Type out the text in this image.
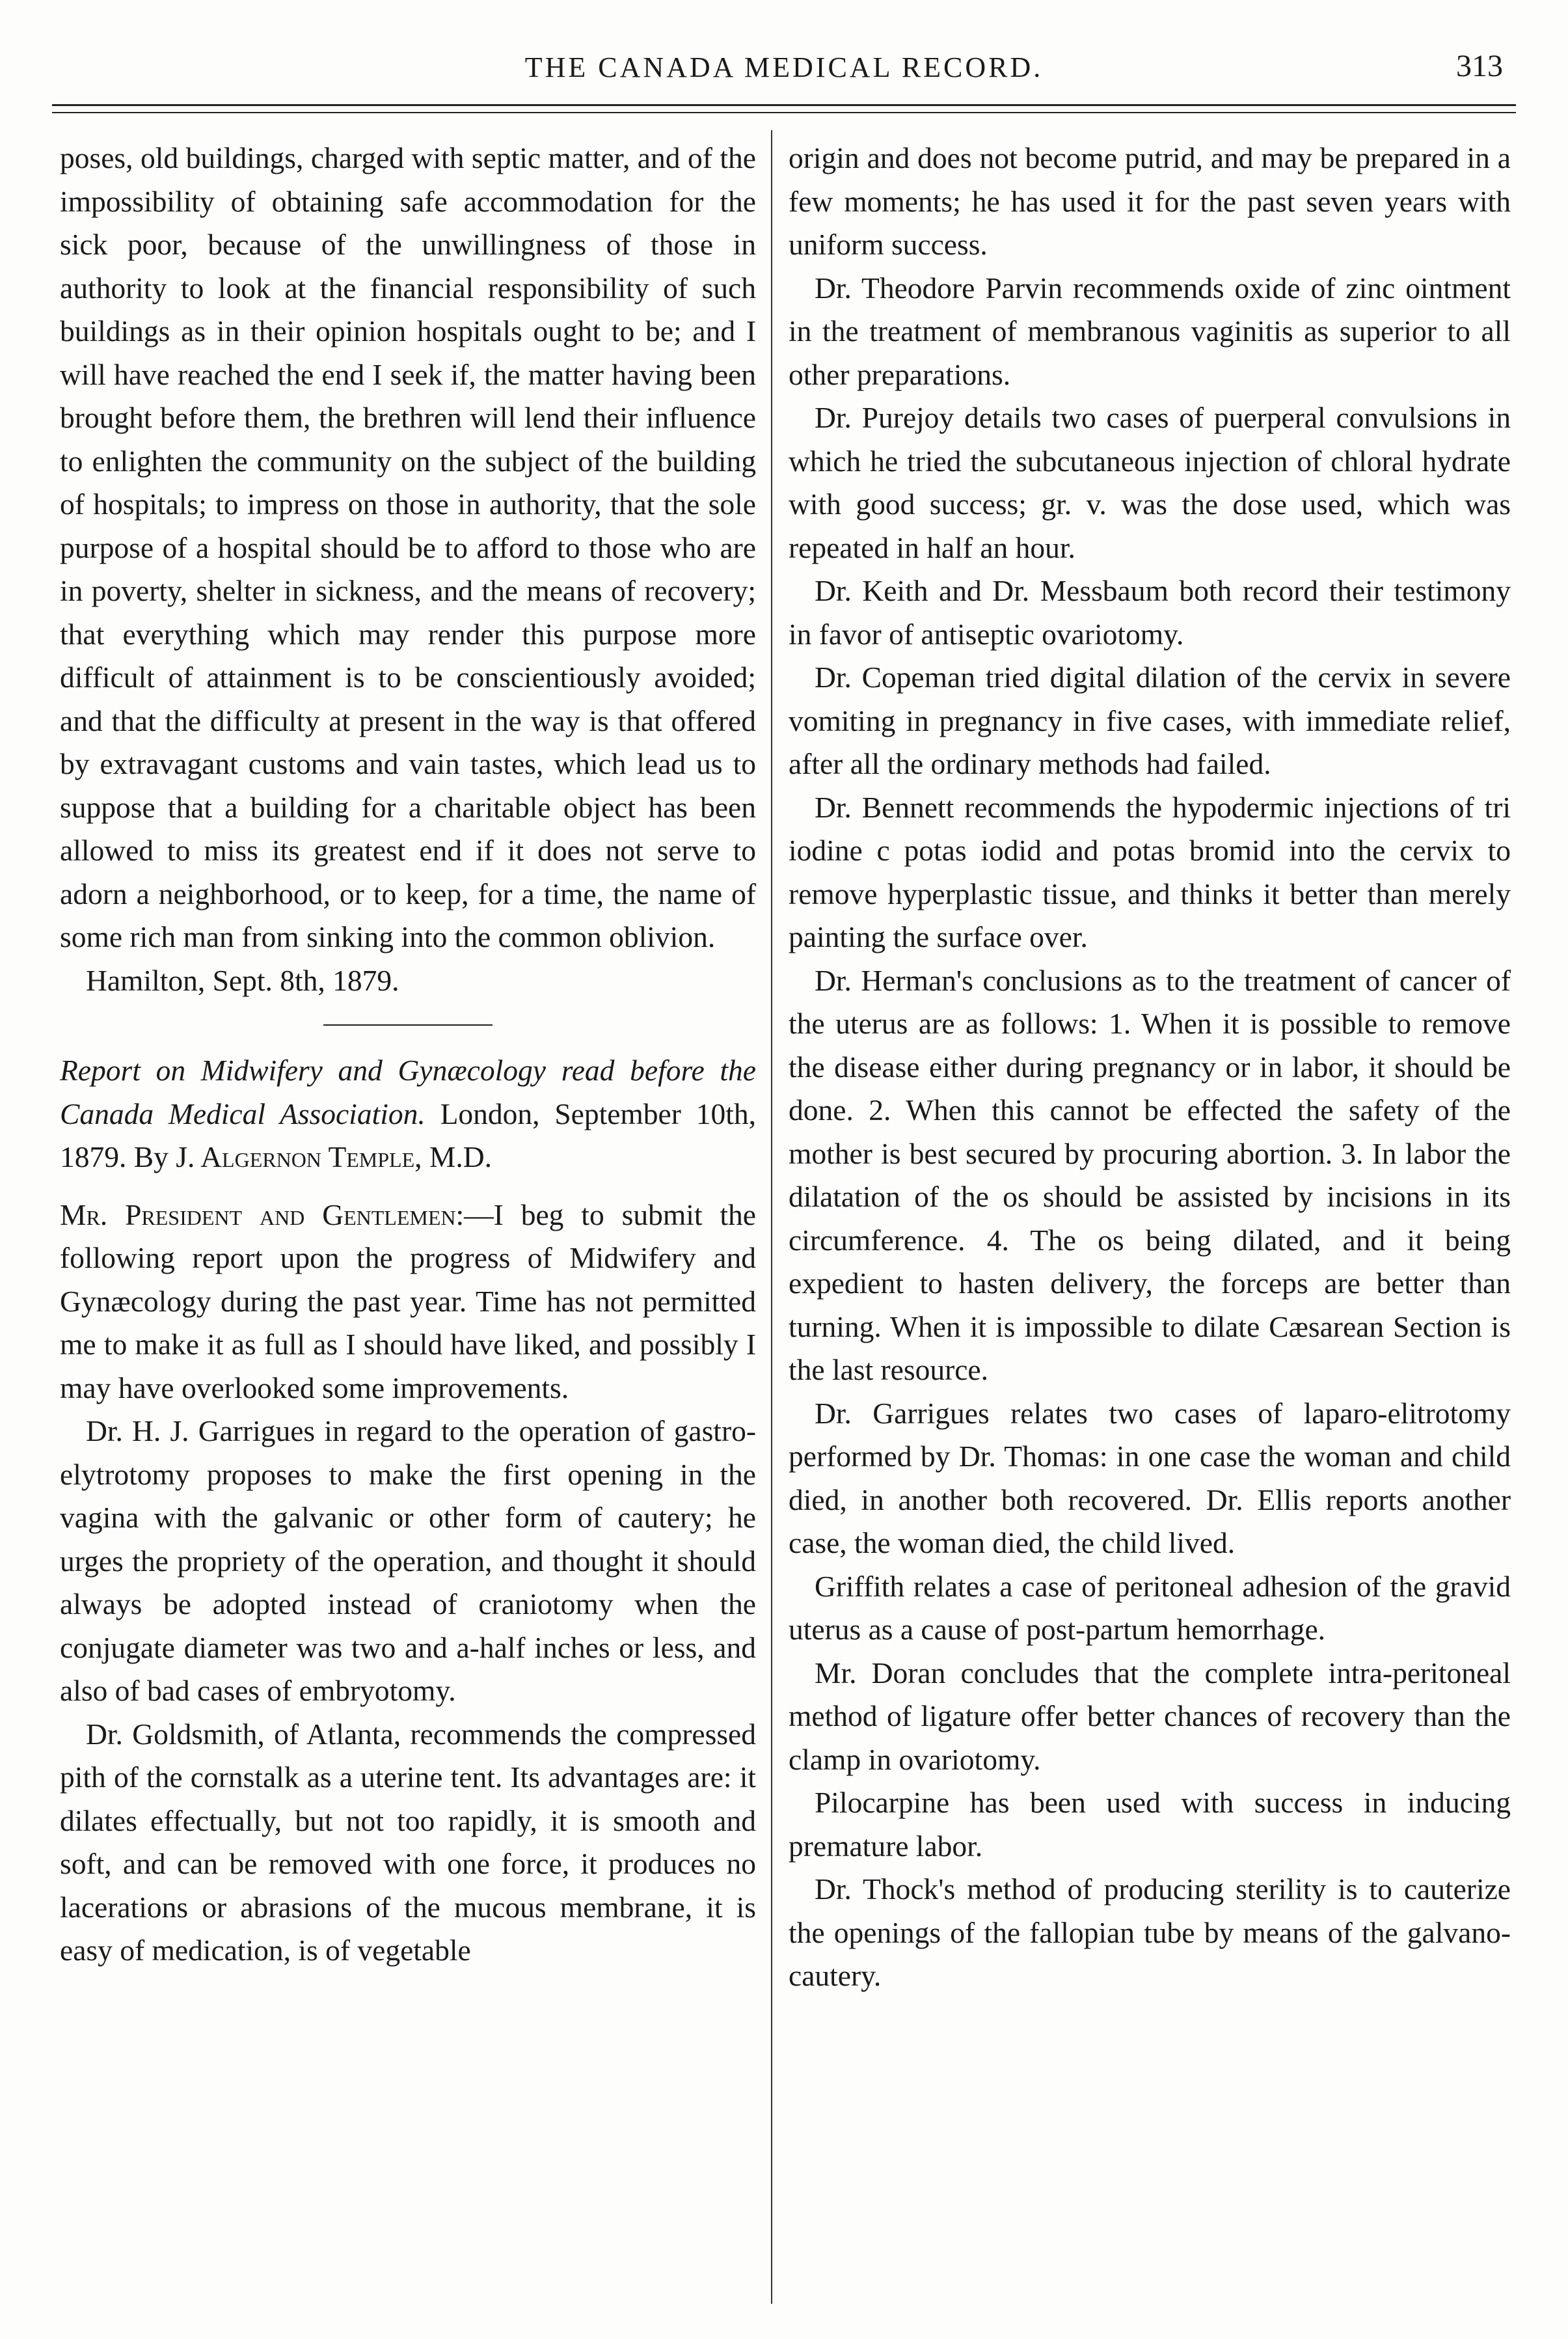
THE CANADA MEDICAL RECORD.	313

poses, old buildings, charged with septic matter, and of the impossibility of obtaining safe accommodation for the sick poor, because of the unwillingness of those in authority to look at the financial responsibility of such buildings as in their opinion hospitals ought to be; and I will have reached the end I seek if, the matter having been brought before them, the brethren will lend their influence to enlighten the community on the subject of the building of hospitals; to impress on those in authority, that the sole purpose of a hospital should be to afford to those who are in poverty, shelter in sickness, and the means of recovery; that everything which may render this purpose more difficult of attainment is to be conscientiously avoided; and that the difficulty at present in the way is that offered by extravagant customs and vain tastes, which lead us to suppose that a building for a charitable object has been allowed to miss its greatest end if it does not serve to adorn a neighborhood, or to keep, for a time, the name of some rich man from sinking into the common oblivion.

Hamilton, Sept. 8th, 1879.

Report on Midwifery and Gynæcology read before the Canada Medical Association. London, September 10th, 1879. By J. Algernon Temple, M.D.

Mr. President and Gentlemen:—I beg to submit the following report upon the progress of Midwifery and Gynæcology during the past year. Time has not permitted me to make it as full as I should have liked, and possibly I may have overlooked some improvements.

Dr. H. J. Garrigues in regard to the operation of gastro-elytrotomy proposes to make the first opening in the vagina with the galvanic or other form of cautery; he urges the propriety of the operation, and thought it should always be adopted instead of craniotomy when the conjugate diameter was two and a-half inches or less, and also of bad cases of embryotomy.

Dr. Goldsmith, of Atlanta, recommends the compressed pith of the cornstalk as a uterine tent. Its advantages are: it dilates effectually, but not too rapidly, it is smooth and soft, and can be removed with one force, it produces no lacerations or abrasions of the mucous membrane, it is easy of medication, is of vegetable

origin and does not become putrid, and may be prepared in a few moments; he has used it for the past seven years with uniform success.

Dr. Theodore Parvin recommends oxide of zinc ointment in the treatment of membranous vaginitis as superior to all other preparations.

Dr. Purejoy details two cases of puerperal convulsions in which he tried the subcutaneous injection of chloral hydrate with good success; gr. v. was the dose used, which was repeated in half an hour.

Dr. Keith and Dr. Messbaum both record their testimony in favor of antiseptic ovariotomy.

Dr. Copeman tried digital dilation of the cervix in severe vomiting in pregnancy in five cases, with immediate relief, after all the ordinary methods had failed.

Dr. Bennett recommends the hypodermic injections of tri iodine c potas iodid and potas bromid into the cervix to remove hyperplastic tissue, and thinks it better than merely painting the surface over.

Dr. Herman's conclusions as to the treatment of cancer of the uterus are as follows: 1. When it is possible to remove the disease either during pregnancy or in labor, it should be done. 2. When this cannot be effected the safety of the mother is best secured by procuring abortion. 3. In labor the dilatation of the os should be assisted by incisions in its circumference. 4. The os being dilated, and it being expedient to hasten delivery, the forceps are better than turning. When it is impossible to dilate Cæsarean Section is the last resource.

Dr. Garrigues relates two cases of laparo-elitrotomy performed by Dr. Thomas: in one case the woman and child died, in another both recovered. Dr. Ellis reports another case, the woman died, the child lived.

Griffith relates a case of peritoneal adhesion of the gravid uterus as a cause of post-partum hemorrhage.

Mr. Doran concludes that the complete intra-peritoneal method of ligature offer better chances of recovery than the clamp in ovariotomy.

Pilocarpine has been used with success in inducing premature labor.

Dr. Thock's method of producing sterility is to cauterize the openings of the fallopian tube by means of the galvano-cautery.
